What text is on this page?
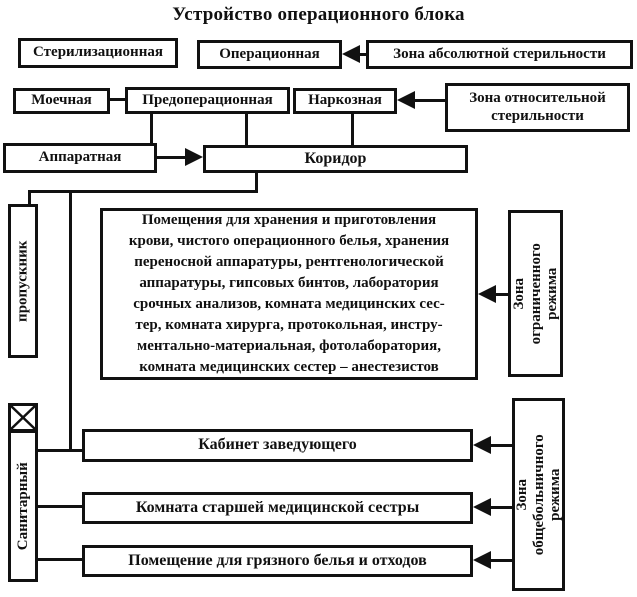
Устройство операционного блока
Стерилизационная	Операционная	Зона абсолютной стерильности
Моечная	Предоперационная	Наркозная	Зона относительной стерильности
Аппаратная	Коридор
пропускник
Помещения для хранения и приготовления
крови, чистого операционного белья, хранения
переносной аппаратуры, рентгенологической
аппаратуры, гипсовых бинтов, лаборатория
срочных анализов, комната медицинских сес-
тер, комната хирурга, протокольная, инстру-
ментально-материальная, фотолаборатория,
комната медицинских сестер – анестезистов
Зона ограниченного режима
Санитарный
Кабинет заведующего
Комната старшей медицинской сестры
Помещение для грязного белья и отходов
Зона общебольничного режима
